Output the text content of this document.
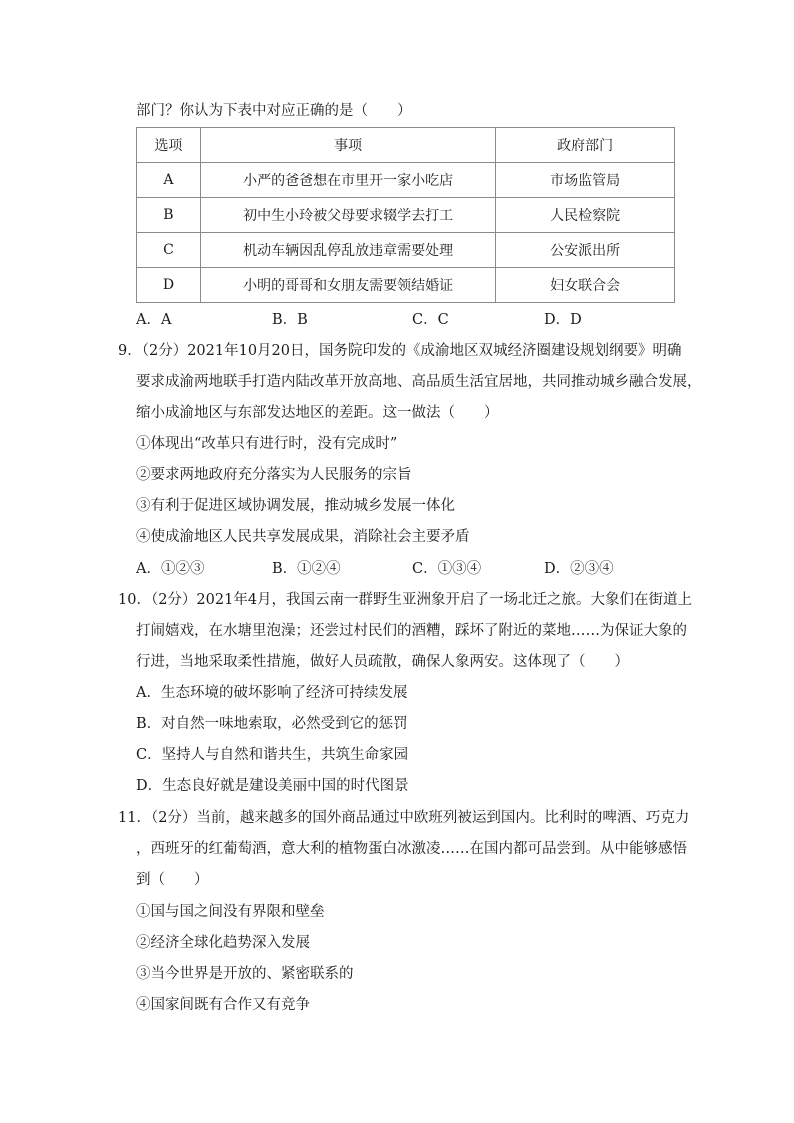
部门？你认为下表中对应正确的是（　　）
选项	事项	政府部门
A	小严的爸爸想在市里开一家小吃店	市场监管局
B	初中生小玲被父母要求辍学去打工	人民检察院
C	机动车辆因乱停乱放违章需要处理	公安派出所
D	小明的哥哥和女朋友需要领结婚证	妇女联合会
A．A	B．B	C．C	D．D
9．（2分）2021年10月20日，国务院印发的《成渝地区双城经济圈建设规划纲要》明确
要求成渝两地联手打造内陆改革开放高地、高品质生活宜居地，共同推动城乡融合发展，
缩小成渝地区与东部发达地区的差距。这一做法（　　）
①体现出“改革只有进行时，没有完成时”
②要求两地政府充分落实为人民服务的宗旨
③有利于促进区域协调发展，推动城乡发展一体化
④使成渝地区人民共享发展成果，消除社会主要矛盾
A．①②③	B．①②④	C．①③④	D．②③④
10．（2分）2021年4月，我国云南一群野生亚洲象开启了一场北迁之旅。大象们在街道上
打闹嬉戏，在水塘里泡澡；还尝过村民们的酒糟，踩坏了附近的菜地……为保证大象的
行进，当地采取柔性措施，做好人员疏散，确保人象两安。这体现了（　　）
A．生态环境的破坏影响了经济可持续发展
B．对自然一味地索取，必然受到它的惩罚
C．坚持人与自然和谐共生，共筑生命家园
D．生态良好就是建设美丽中国的时代图景
11．（2分）当前，越来越多的国外商品通过中欧班列被运到国内。比利时的啤酒、巧克力
，西班牙的红葡萄酒，意大利的植物蛋白冰激凌……在国内都可品尝到。从中能够感悟
到（　　）
①国与国之间没有界限和壁垒
②经济全球化趋势深入发展
③当今世界是开放的、紧密联系的
④国家间既有合作又有竞争
